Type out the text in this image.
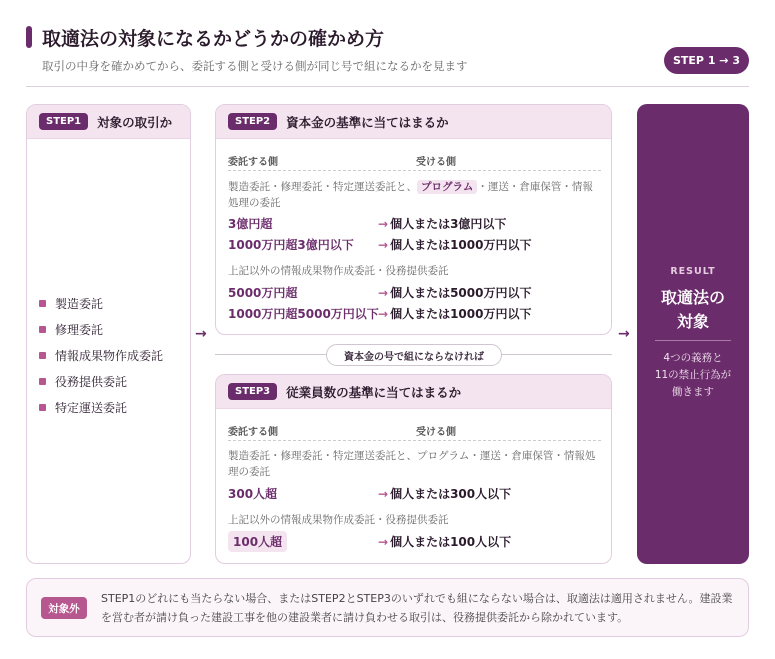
取適法の対象になるかどうかの確かめ方
取引の中身を確かめてから、委託する側と受ける側が同じ号で組になるかを見ます	STEP 1 → 3
STEP1	対象の取引か
製造委託
修理委託
情報成果物作成委託
役務提供委託
特定運送委託
→	→
STEP2	資本金の基準に当てはまるか
委託する側	受ける側
製造委託・修理委託・特定運送委託と、 プログラム ・運送・倉庫保管・情報処理の委託
3億円超	→ 個人または3億円以下
1000万円超3億円以下 → 個人または1000万円以下
上記以外の情報成果物作成委託・役務提供委託
5000万円超	→ 個人または5000万円以下
1000万円超5000万円以下 → 個人または1000万円以下
資本金の号で組にならなければ
STEP3	従業員数の基準に当てはまるか
委託する側	受ける側
製造委託・修理委託・特定運送委託と、プログラム・運送・倉庫保管・情報処理の委託
300人超	→ 個人または300人以下
上記以外の情報成果物作成委託・役務提供委託
100人超	→ 個人または100人以下
RESULT
取適法の
対象
4つの義務と
11の禁止行為が
働きます
対象外
STEP1のどれにも当たらない場合、またはSTEP2とSTEP3のいずれでも組にならない場合は、取適法は適用されません。建設業を営む者が請け負った建設工事を他の建設業者に請け負わせる取引は、役務提供委託から除かれています。
